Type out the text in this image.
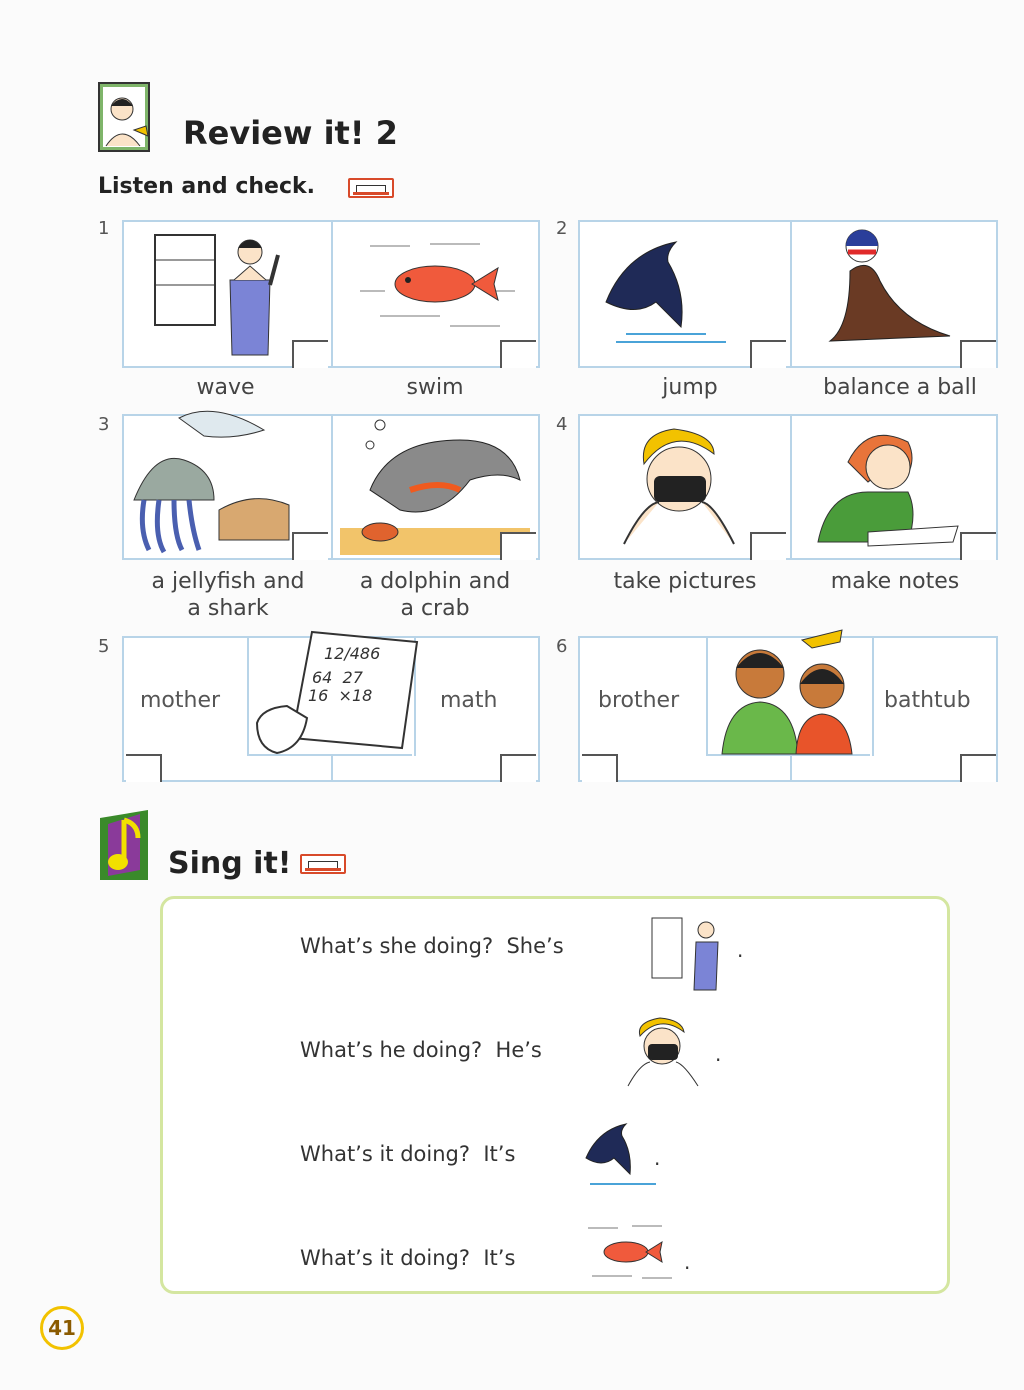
Review it! 2
Listen and check.
1
wave	swim
2
jump	balance a ball
3
a jellyfish and
a shark
a dolphin and
a crab
4
take pictures	make notes
5
mother	math
12/486
64  27
16  ×18
6
brother	bathtub
Sing it!
What’s she doing?  She’s	.
What’s he doing?  He’s	.
What’s it doing?  It’s	.
What’s it doing?  It’s	.
41
